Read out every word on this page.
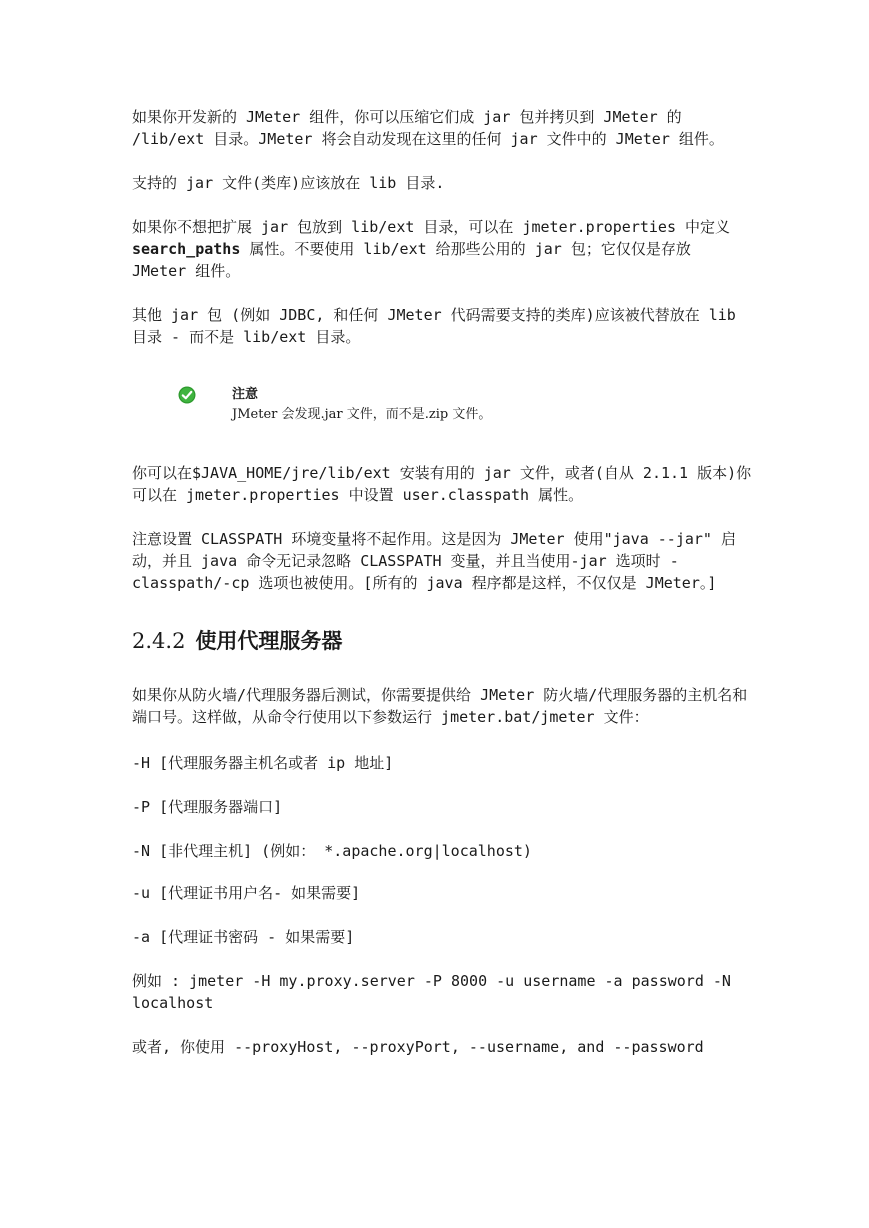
如果你开发新的 JMeter 组件，你可以压缩它们成 jar 包并拷贝到 JMeter 的 /lib/ext 目录。JMeter 将会自动发现在这里的任何 jar 文件中的 JMeter 组件。

支持的 jar 文件(类库)应该放在 lib 目录.

如果你不想把扩展 jar 包放到 lib/ext 目录，可以在 jmeter.properties 中定义 search_paths 属性。不要使用 lib/ext 给那些公用的 jar 包；它仅仅是存放 JMeter 组件。

其他 jar 包 (例如 JDBC, 和任何 JMeter 代码需要支持的类库)应该被代替放在 lib 目录 - 而不是 lib/ext 目录。

注意
JMeter 会发现.jar 文件，而不是.zip 文件。

你可以在$JAVA_HOME/jre/lib/ext 安装有用的 jar 文件，或者(自从 2.1.1 版本)你可以在 jmeter.properties 中设置 user.classpath 属性。

注意设置 CLASSPATH 环境变量将不起作用。这是因为 JMeter 使用"java --jar" 启动，并且 java 命令无记录忽略 CLASSPATH 变量，并且当使用-jar 选项时 -classpath/-cp 选项也被使用。[所有的 java 程序都是这样，不仅仅是 JMeter。]

2.4.2 使用代理服务器

如果你从防火墙/代理服务器后测试，你需要提供给 JMeter 防火墙/代理服务器的主机名和端口号。这样做，从命令行使用以下参数运行 jmeter.bat/jmeter 文件：

-H [代理服务器主机名或者 ip 地址]

-P [代理服务器端口]

-N [非代理主机] (例如： *.apache.org|localhost)

-u [代理证书用户名- 如果需要]

-a [代理证书密码 - 如果需要]

例如 : jmeter -H my.proxy.server -P 8000 -u username -a password -N localhost

或者, 你使用 --proxyHost, --proxyPort, --username, and --password
